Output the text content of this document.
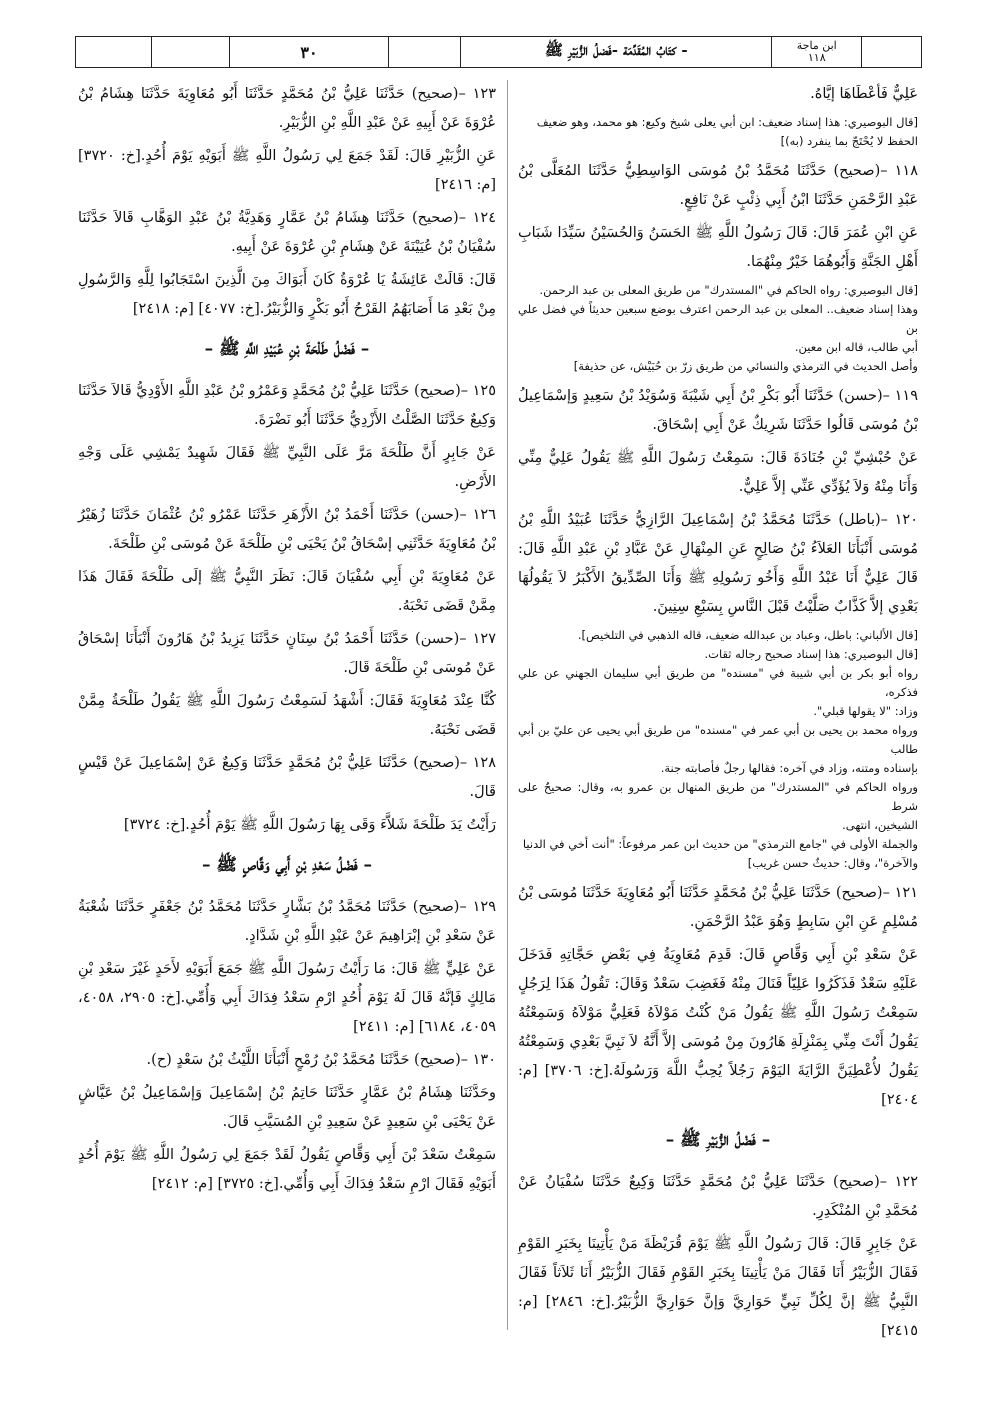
٣٠	- كتَابُ المُقَدِّمَة -فَضلُ الزُّبَيْرِ ﷺ	ابن ماجة
١١٨
عَلِيٌّ فَأعْطَاهَا إيَّاهُ.
[قال البوصيري: هذا إسناد ضعيف: ابن أبي يعلى شيخ وكيع: هو محمد، وهو ضعيف
الحفظ لا يُحْتَجّ بما ينفرد (به)]
١١٨ –(صحيح) حَدَّثَنَا مُحَمَّدُ بْنُ مُوسَى الوَاسِطِيُّ حَدَّثَنَا المُعَلَّى بْنُ عَبْدِ الرَّحْمَنِ حَدَّثَنَا ابْنُ أَبِي ذِئْبٍ عَنْ نَافِعٍ.
عَنِ ابْنِ عُمَرَ قَالَ: قَالَ رَسُولُ اللَّهِ ﷺ الحَسَنُ وَالحُسَيْنُ سَيِّدَا شَبَابِ أَهْلِ الجَنَّةِ وَأَبُوهُمَا خَيْرٌ مِنْهُمَا.
[قال البوصيري: رواه الحاكم في "المستدرك" من طريق المعلى بن عبد الرحمن.
وهذا إسناد ضعيف.. المعلى بن عبد الرحمن اعترف بوضع سبعين حديثاً في فضل علي بن
أبي طالب، قاله ابن معين.
وأصل الحديث في الترمذي والنسائي من طريق زرّ بن حُبَيْش، عن حذيفة]
١١٩ –(حسن) حَدَّثَنَا أَبُو بَكْرِ بْنُ أَبِي شَيْبَةَ وَسُوَيْدُ بْنُ سَعِيدٍ وَإسْمَاعِيلُ بْنُ مُوسَى قَالُوا حَدَّثَنَا شَرِيكٌ عَنْ أَبِي إسْحَاقَ.
عَنْ حُبْشِيِّ بْنِ جُنَادَةَ قَالَ: سَمِعْتُ رَسُولَ اللَّهِ ﷺ يَقُولُ عَلِيٌّ مِنِّي وَأَنَا مِنْهُ وَلاَ يُؤَدِّي عَنِّي إلاَّ عَلِيٌّ.
١٢٠ –(باطل) حَدَّثَنَا مُحَمَّدُ بْنُ إسْمَاعِيلَ الرَّازِيُّ حَدَّثَنَا عُبَيْدُ اللَّهِ بْنُ مُوسَى أَنْبَأَنَا العَلاَءُ بْنُ صَالِحٍ عَنِ المِنْهَالِ عَنْ عَبَّادِ بْنِ عَبْدِ اللَّهِ قَالَ: قَالَ عَلِيٌّ أَنَا عَبْدُ اللَّهِ وَأَخُو رَسُولِهِ ﷺ وَأَنَا الصِّدِّيقُ الأَكْبَرُ لاَ يَقُولُهَا بَعْدِي إلاَّ كَذَّابٌ صَلَّيْتُ قَبْلَ النَّاسِ بِسَبْعِ سِنِينَ.
[قال الألباني: باطل، وعباد بن عبدالله ضعيف، قاله الذهبي في التلخيص].
[قال البوصيري: هذا إسناد صحيح رجاله ثقات.
رواه أبو بكر بن أبي شيبة في "مسنده" من طريق أبي سليمان الجهني عن علي فذكره،
وزاد: "لا يقولها قبلي".
ورواه محمد بن يحيى بن أبي عمر في "مسنده" من طريق أبي يحيى عن عليّ بن أبي طالب
بإسناده ومتنه، وزاد في آخره: فقالها رجلٌ فأصابته جنة.
ورواه الحاكم في "المستدرك" من طريق المنهال بن عمرو به، وقال: صحيحٌ على شرط
الشيخين، انتهى.
والجملة الأولى في "جامع الترمذي" من حديث ابن عمر مرفوعاً: "أنت أخي في الدنيا
والآخرة"، وقال: حديثٌ حسن غريب]
١٢١ –(صحيح) حَدَّثَنَا عَلِيُّ بْنُ مُحَمَّدٍ حَدَّثَنَا أَبُو مُعَاوِيَةَ حَدَّثَنَا مُوسَى بْنُ مُسْلِمٍ عَنِ ابْنِ سَابِطٍ وَهُوَ عَبْدُ الرَّحْمَنِ.
عَنْ سَعْدِ بْنِ أَبِي وَقَّاصٍ قَالَ: قَدِمَ مُعَاوِيَةُ فِي بَعْضِ حَجَّاتِهِ فَدَخَلَ عَلَيْهِ سَعْدٌ فَذَكَرُوا عَلِيّاً فَنَالَ مِنْهُ فَغَضِبَ سَعْدٌ وَقَالَ: تَقُولُ هَذَا لِرَجُلٍ سَمِعْتُ رَسُولَ اللَّهِ ﷺ يَقُولُ مَنْ كُنْتُ مَوْلاَهُ فَعَلِيٌّ مَوْلاَهُ وَسَمِعْتُهُ يَقُولُ أَنْتَ مِنِّي بِمَنْزِلَةِ هَارُونَ مِنْ مُوسَى إلاَّ أَنَّهُ لاَ نَبِيَّ بَعْدِي وَسَمِعْتُهُ يَقُولُ لأُعْطِيَنَّ الرَّايَةَ اليَوْمَ رَجُلاً يُحِبُّ اللَّهَ وَرَسُولَهُ.[خ: ٣٧٠٦] [م: ٢٤٠٤]
– فَضْلُ الزُّبَيْرِ ﷺ –
١٢٢ –(صحيح) حَدَّثَنَا عَلِيُّ بْنُ مُحَمَّدٍ حَدَّثَنَا وَكِيعٌ حَدَّثَنَا سُفْيَانُ عَنْ مُحَمَّدِ بْنِ المُنْكَدِرِ.
عَنْ جَابِرٍ قَالَ: قَالَ رَسُولُ اللَّهِ ﷺ يَوْمَ قُرَيْظَةَ مَنْ يَأْتِينَا بِخَبَرِ القَوْمِ فَقَالَ الزُّبَيْرُ أَنَا فَقَالَ مَنْ يَأْتِينَا بِخَبَرِ القَوْمِ فَقَالَ الزُّبَيْرُ أَنَا ثَلاَثاً فَقَالَ النَّبِيُّ ﷺ إنَّ لِكُلِّ نَبِيٍّ حَوَارِيَّ وَإنَّ حَوَارِيَّ الزُّبَيْرُ.[خ: ٢٨٤٦] [م: ٢٤١٥]
١٢٣ –(صحيح) حَدَّثَنَا عَلِيُّ بْنُ مُحَمَّدٍ حَدَّثَنَا أَبُو مُعَاوِيَةَ حَدَّثَنَا هِشَامُ بْنُ عُرْوَةَ عَنْ أَبِيهِ عَنْ عَبْدِ اللَّهِ بْنِ الزُّبَيْرِ.
عَنِ الزُّبَيْرِ قَالَ: لَقَدْ جَمَعَ لِي رَسُولُ اللَّهِ ﷺ أَبَوَيْهِ يَوْمَ أُحُدٍ.[خ: ٣٧٢٠] [م: ٢٤١٦]
١٢٤ –(صحيح) حَدَّثَنَا هِشَامُ بْنُ عَمَّارٍ وَهَدِيَّةُ بْنُ عَبْدِ الوَهَّابِ قَالاَ حَدَّثَنَا سُفْيَانُ بْنُ عُيَيْنَةَ عَنْ هِشَامِ بْنِ عُرْوَةَ عَنْ أَبِيهِ.
قَالَ: قَالَتْ عَائِشَةُ يَا عُرْوَةُ كَانَ أَبَوَاكَ مِنَ الَّذِينَ اسْتَجَابُوا لِلَّهِ وَالرَّسُولِ مِنْ بَعْدِ مَا أَصَابَهُمُ القَرْحُ أَبُو بَكْرٍ وَالزُّبَيْرُ.[خ: ٤٠٧٧] [م: ٢٤١٨]
– فَضْلُ طَلْحَةَ بْنِ عُبَيْدِ اللَّهِ ﷺ –
١٢٥ –(صحيح) حَدَّثَنَا عَلِيُّ بْنُ مُحَمَّدٍ وَعَمْرُو بْنُ عَبْدِ اللَّهِ الأَوْدِيُّ قَالاَ حَدَّثَنَا وَكِيعٌ حَدَّثَنَا الصَّلْتُ الأَزْدِيُّ حَدَّثَنَا أَبُو نَضْرَةَ.
عَنْ جَابِرٍ أَنَّ طَلْحَةَ مَرَّ عَلَى النَّبِيِّ ﷺ فَقَالَ شَهِيدٌ يَمْشِي عَلَى وَجْهِ الأَرْضِ.
١٢٦ –(حسن) حَدَّثَنَا أَحْمَدُ بْنُ الأَزْهَرِ حَدَّثَنَا عَمْرُو بْنُ عُثْمَانَ حَدَّثَنَا زُهَيْرُ بْنُ مُعَاوِيَةَ حَدَّثَنِي إسْحَاقُ بْنُ يَحْيَى بْنِ طَلْحَةَ عَنْ مُوسَى بْنِ طَلْحَةَ.
عَنْ مُعَاوِيَةَ بْنِ أَبِي سُفْيَانَ قَالَ: نَظَرَ النَّبِيُّ ﷺ إلَى طَلْحَةَ فَقَالَ هَذَا مِمَّنْ قَضَى نَحْبَهُ.
١٢٧ –(حسن) حَدَّثَنَا أَحْمَدُ بْنُ سِنَانٍ حَدَّثَنَا يَزِيدُ بْنُ هَارُونَ أَنْبَأَنَا إسْحَاقُ عَنْ مُوسَى بْنِ طَلْحَةَ قَالَ.
كُنَّا عِنْدَ مُعَاوِيَةَ فَقَالَ: أَشْهَدُ لَسَمِعْتُ رَسُولَ اللَّهِ ﷺ يَقُولُ طَلْحَةُ مِمَّنْ قَضَى نَحْبَهُ.
١٢٨ –(صحيح) حَدَّثَنَا عَلِيُّ بْنُ مُحَمَّدٍ حَدَّثَنَا وَكِيعٌ عَنْ إسْمَاعِيلَ عَنْ قَيْسٍ قَالَ.
رَأَيْتُ يَدَ طَلْحَةَ شَلاَّءَ وَقَى بِهَا رَسُولَ اللَّهِ ﷺ يَوْمَ أُحُدٍ.[خ: ٣٧٢٤]
– فَضْلُ سَعْدِ بْنِ أَبِي وَقَّاصٍ ﷺ –
١٢٩ –(صحيح) حَدَّثَنَا مُحَمَّدُ بْنُ بَشَّارٍ حَدَّثَنَا مُحَمَّدُ بْنُ جَعْفَرٍ حَدَّثَنَا شُعْبَةُ عَنْ سَعْدِ بْنِ إبْرَاهِيمَ عَنْ عَبْدِ اللَّهِ بْنِ شَدَّادٍ.
عَنْ عَلِيٍّ ﷺ قَالَ: مَا رَأَيْتُ رَسُولَ اللَّهِ ﷺ جَمَعَ أَبَوَيْهِ لأَحَدٍ غَيْرَ سَعْدِ بْنِ مَالِكٍ فَإنَّهُ قَالَ لَهُ يَوْمَ أُحُدٍ ارْمِ سَعْدُ فِدَاكَ أَبِي وَأُمِّي.[خ: ٢٩٠٥، ٤٠٥٨، ٤٠٥٩، ٦١٨٤] [م: ٢٤١١]
١٣٠ –(صحيح) حَدَّثَنَا مُحَمَّدُ بْنُ رُمْحٍ أَنْبَأَنَا اللَّيْثُ بْنُ سَعْدٍ (ح).
وحَدَّثَنَا هِشَامُ بْنُ عَمَّارٍ حَدَّثَنَا حَاتِمُ بْنُ إسْمَاعِيلَ وَإسْمَاعِيلُ بْنُ عَيَّاشٍ عَنْ يَحْيَى بْنِ سَعِيدٍ عَنْ سَعِيدِ بْنِ المُسَيَّبِ قَالَ.
سَمِعْتُ سَعْدَ بْنَ أَبِي وَقَّاصٍ يَقُولُ لَقَدْ جَمَعَ لِي رَسُولُ اللَّهِ ﷺ يَوْمَ أُحُدٍ أَبَوَيْهِ فَقَالَ ارْمِ سَعْدُ فِدَاكَ أَبِي وَأُمِّي.[خ: ٣٧٢٥] [م: ٢٤١٢]
